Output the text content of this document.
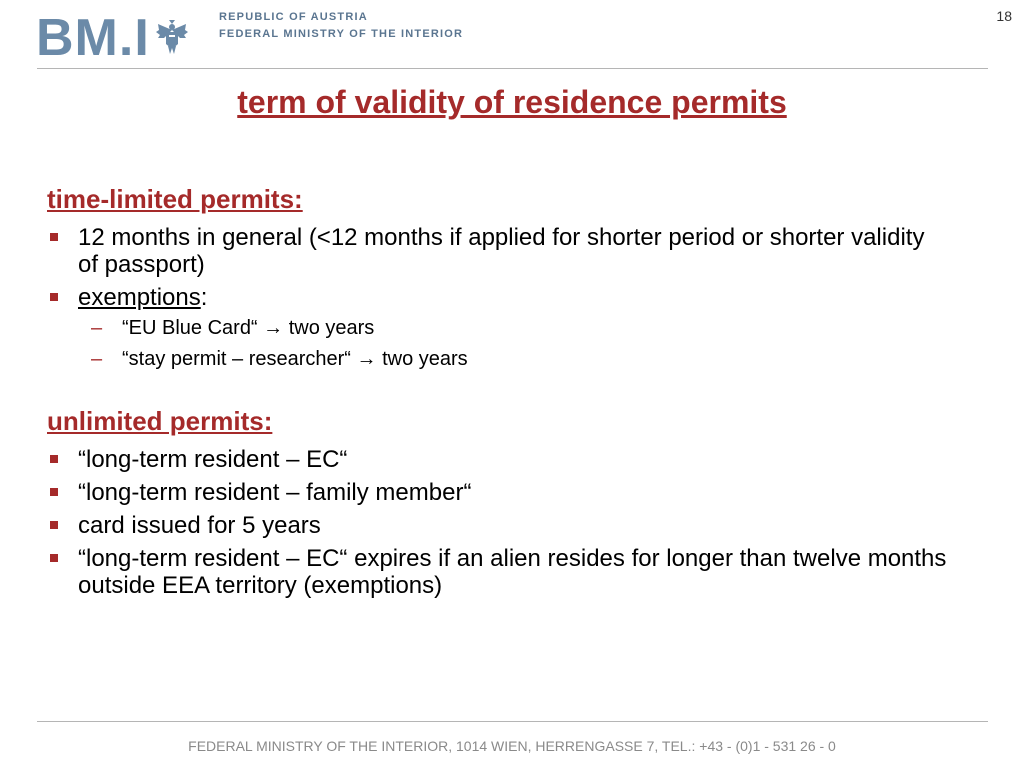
BM.I	REPUBLIC OF AUSTRIA
FEDERAL MINISTRY OF THE INTERIOR
18
term of validity of residence permits
time-limited permits:
12 months in general (<12 months if applied for shorter period or shorter validity of passport)
exemptions:
– “EU Blue Card“ → two years
– “stay permit – researcher“ → two years
unlimited permits:
“long-term resident – EC“
“long-term resident – family member“
card issued for 5 years
“long-term resident – EC“ expires if an alien resides for longer than twelve months outside EEA territory (exemptions)
FEDERAL MINISTRY OF THE INTERIOR, 1014 WIEN, HERRENGASSE 7, TEL.: +43 - (0)1 - 531 26 - 0
